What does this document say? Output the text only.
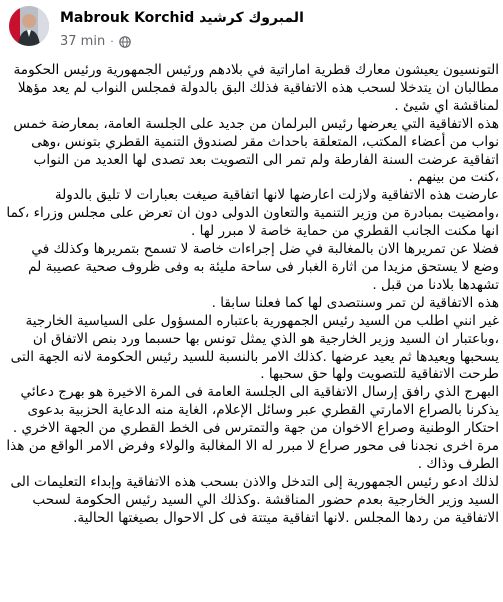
Mabrouk Korchid المبروك كرشيد
37 min ·

التونسيون يعيشون معارك قطرية اماراتية في بلادهم ورئيس الجمهورية ورئيس الحكومة مطالبان ان يتدخلا لسحب هذه الاتفاقية فذلك البق بالدولة فمجلس النواب لم يعد مؤهلا لمناقشة اي شيئ .

هذه الاتفاقية التي يعرضها رئيس البرلمان من جديد على الجلسة العامة، بمعارضة خمس نواب من أعضاء المكتب، المتعلقة باحداث مقر لصندوق التنمية القطري بتونس ،وهى اتفاقية عرضت السنة الفارطة ولم تمر الى التصويت بعد تصدى لها العديد من النواب ،كنت من بينهم .

عارضت هذه الاتفاقية ولازلت اعارضها لانها اتفاقية صيغت بعبارات لا تليق بالدولة ،وامضيت بمبادرة من وزير التنمية والتعاون الدولى دون ان تعرض على مجلس وزراء ،كما انها مكنت الجانب القطري من حماية خاصة لا مبرر لها .

فضلا عن تمريرها الان بالمغالبة في ضل إجراءات خاصة لا تسمح بتمريرها وكذلك في وضع لا يستحق مزيدا من اثارة الغبار فى ساحة مليئة به وفى ظروف صحية عصيبة لم تشهدها بلادنا من قبل .

هذه الاتفاقية لن تمر وسنتصدى لها كما فعلنا سابقا .

غير انني اطلب من السيد رئيس الجمهورية باعتباره المسؤول على السياسية الخارجية ،وباعتبار ان السيد وزير الخارجية هو الذي يمثل تونس بها حسبما ورد بنص الاتفاق ان يسحبها ويعيدها ثم يعيد عرضها .كذلك الامر بالنسبة للسيد رئيس الحكومة لانه الجهة التى طرحت الاتفاقية للتصويت ولها حق سحبها .

البهرج الذي رافق إرسال الاتفاقية الى الجلسة العامة فى المرة الاخيرة هو بهرج دعائي يذكرنا بالصراع الامارتي القطري عبر وسائل الإعلام، الغاية منه الدعاية الحزبية بدعوى احتكار الوطنية وصراع الاخوان من جهة والتمترس فى الخط القطري من الجهة الاخري .

مرة اخرى نجدنا فى محور صراع لا مبرر له الا المغالبة والولاء وفرض الامر الواقع من هذا الطرف وذاك .

لذلك ادعو رئيس الجمهورية إلى التدخل والاذن بسحب هذه الاتفاقية وإبداء التعليمات الى السيد وزير الخارجية بعدم حضور المناقشة .وكذلك الي السيد رئيس الحكومة لسحب الاتفاقية من ردها المجلس .لانها اتفاقية ميتتة فى كل الاحوال بصيغتها الحالية.
